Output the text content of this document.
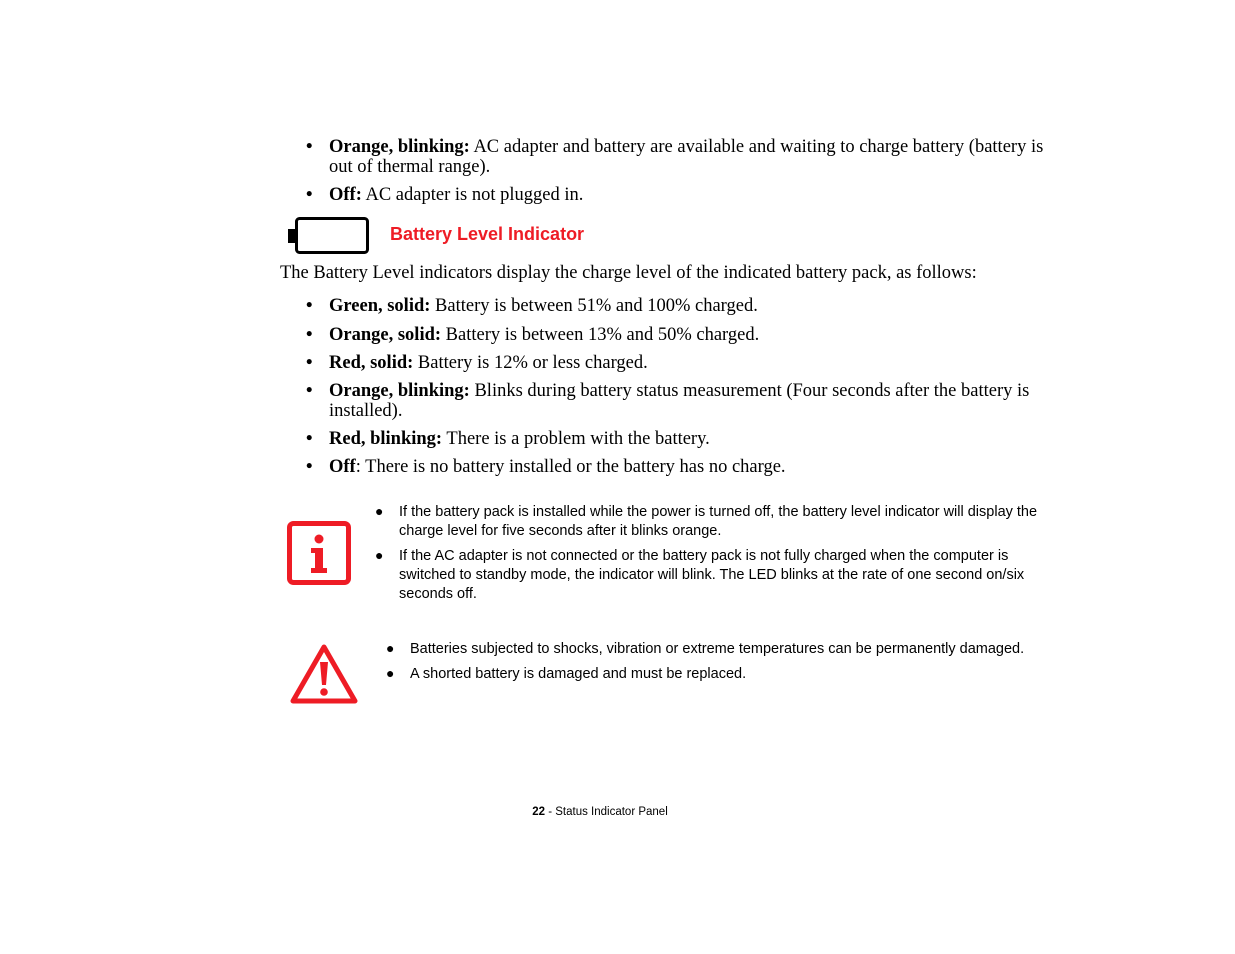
• Orange, blinking: AC adapter and battery are available and waiting to charge battery (battery is out of thermal range).
• Off: AC adapter is not plugged in.
Battery Level Indicator
The Battery Level indicators display the charge level of the indicated battery pack, as follows:
• Green, solid: Battery is between 51% and 100% charged.
• Orange, solid: Battery is between 13% and 50% charged.
• Red, solid: Battery is 12% or less charged.
• Orange, blinking: Blinks during battery status measurement (Four seconds after the battery is installed).
• Red, blinking: There is a problem with the battery.
• Off: There is no battery installed or the battery has no charge.
● If the battery pack is installed while the power is turned off, the battery level indicator will display the charge level for five seconds after it blinks orange.
● If the AC adapter is not connected or the battery pack is not fully charged when the computer is switched to standby mode, the indicator will blink. The LED blinks at the rate of one second on/six seconds off.
● Batteries subjected to shocks, vibration or extreme temperatures can be permanently damaged.
● A shorted battery is damaged and must be replaced.
22 - Status Indicator Panel
